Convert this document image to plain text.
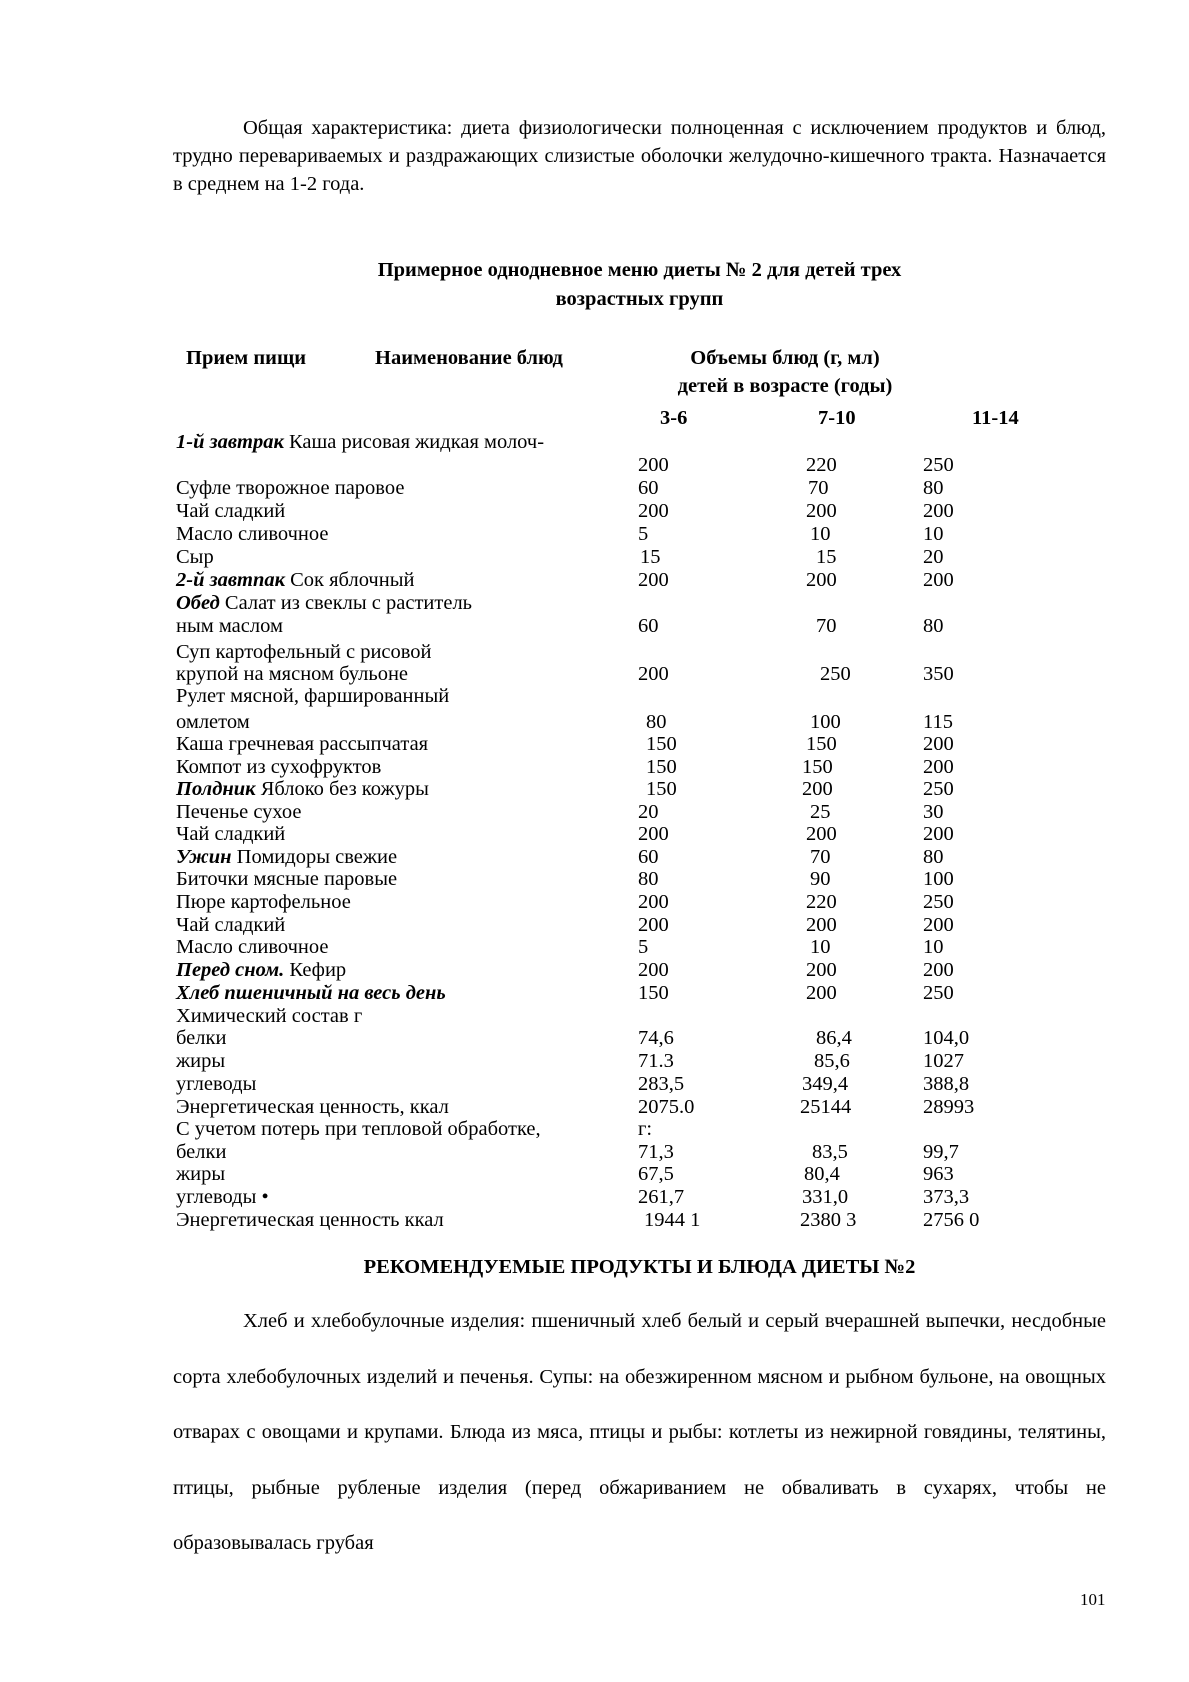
Общая характеристика: диета физиологически полноценная с исключением продуктов и блюд, трудно перевариваемых и раздражающих слизистые оболочки желудочно-кишечного тракта. Назначается в среднем на 1-2 года.

Примерное однодневное меню диеты № 2 для детей трех
возрастных групп
Прием пищи	Наименование блюд	Объемы блюд (г, мл)
детей в возрасте (годы)
3-6	7-10	11-14
1-й завтрак Каша рисовая жидкая молоч-
200	220	250
Суфле творожное паровое	60	70	80
Чай сладкий	200	200	200
Масло сливочное	5	10	10
Сыр	15	15	20
2-й завтпак Сок яблочный	200	200	200
Обед Салат из свеклы с раститель
ным маслом	60	70	80
Суп картофельный с рисовой
крупой на мясном бульоне	200	250	350
Рулет мясной, фаршированный
омлетом	80	100	115
Каша гречневая рассыпчатая	150	150	200
Компот из сухофруктов	150	150	200
Полдник Яблоко без кожуры	150	200	250
Печенье сухое	20	25	30
Чай сладкий	200	200	200
Ужин Помидоры свежие	60	70	80
Биточки мясные паровые	80	90	100
Пюре картофельное	200	220	250
Чай сладкий	200	200	200
Масло сливочное	5	10	10
Перед сном. Кефир	200	200	200
Хлеб пшеничный на весь день	150	200	250
Химический состав г
белки	74,6	86,4	104,0
жиры	71.3	85,6	1027
углеводы	283,5	349,4	388,8
Энергетическая ценность, ккал	2075.0	25144	28993
С учетом потерь при тепловой обработке,	г:
белки	71,3	83,5	99,7
жиры	67,5	80,4	963
углеводы •	261,7	331,0	373,3
Энергетическая ценность ккал	1944 1	2380 3	2756 0
РЕКОМЕНДУЕМЫЕ ПРОДУКТЫ И БЛЮДА ДИЕТЫ №2

Хлеб и хлебобулочные изделия: пшеничный хлеб белый и серый вчерашней выпечки, несдобные сорта хлебобулочных изделий и печенья. Супы: на обезжиренном мясном и рыбном бульоне, на овощных отварах с овощами и крупами. Блюда из мяса, птицы и рыбы: котлеты из нежирной говядины, телятины, птицы, рыбные рубленые изделия (перед обжариванием не обваливать в сухарях, чтобы не образовывалась грубая

101
